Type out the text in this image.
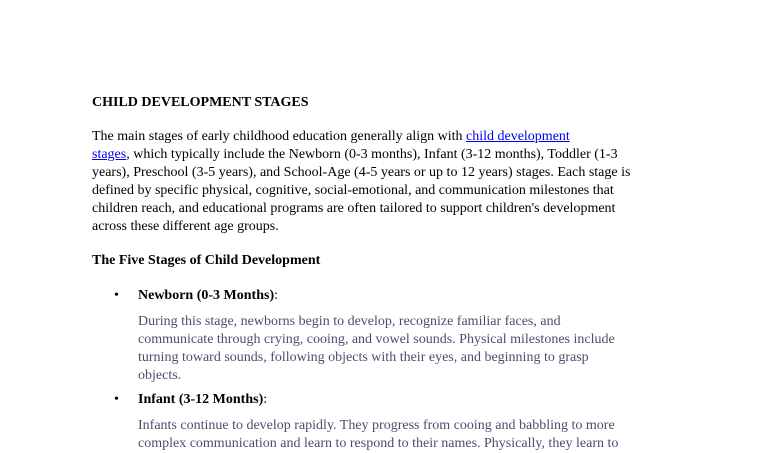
CHILD DEVELOPMENT STAGES

The main stages of early childhood education generally align with child development
stages, which typically include the Newborn (0-3 months), Infant (3-12 months), Toddler (1-3
years), Preschool (3-5 years), and School-Age (4-5 years or up to 12 years) stages. Each stage is
defined by specific physical, cognitive, social-emotional, and communication milestones that
children reach, and educational programs are often tailored to support children's development
across these different age groups.

The Five Stages of Child Development
• Newborn (0-3 Months):
During this stage, newborns begin to develop, recognize familiar faces, and
communicate through crying, cooing, and vowel sounds. Physical milestones include
turning toward sounds, following objects with their eyes, and beginning to grasp
objects.
• Infant (3-12 Months):
Infants continue to develop rapidly. They progress from cooing and babbling to more
complex communication and learn to respond to their names. Physically, they learn to
